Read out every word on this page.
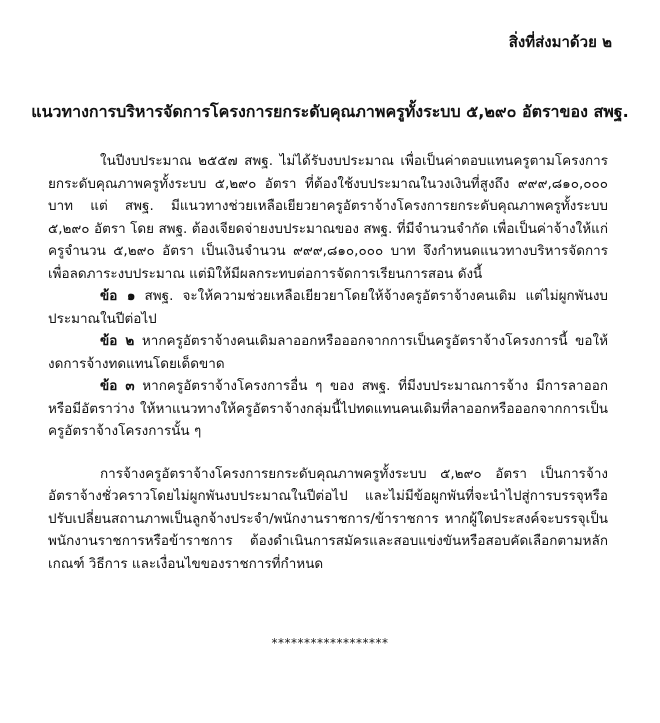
สิ่งที่ส่งมาด้วย ๒
แนวทางการบริหารจัดการโครงการยกระดับคุณภาพครูทั้งระบบ ๕,๒๙๐ อัตราของ สพฐ.

ในปีงบประมาณ ๒๕๕๗ สพฐ. ไม่ได้รับงบประมาณ เพื่อเป็นค่าตอบแทนครูตามโครงการยกระดับคุณภาพครูทั้งระบบ ๕,๒๙๐ อัตรา ที่ต้องใช้งบประมาณในวงเงินที่สูงถึง ๙๙๙,๘๑๐,๐๐๐ บาท แต่ สพฐ. มีแนวทางช่วยเหลือเยียวยาครูอัตราจ้างโครงการยกระดับคุณภาพครูทั้งระบบ ๕,๒๙๐ อัตรา โดย สพฐ. ต้องเจียดจ่ายงบประมาณของ สพฐ. ที่มีจำนวนจำกัด เพื่อเป็นค่าจ้างให้แก่ครูจำนวน ๕,๒๙๐ อัตรา เป็นเงินจำนวน ๙๙๙,๘๑๐,๐๐๐ บาท จึงกำหนดแนวทางบริหารจัดการ เพื่อลดภาระงบประมาณ แต่มิให้มีผลกระทบต่อการจัดการเรียนการสอน ดังนี้

ข้อ ๑ สพฐ. จะให้ความช่วยเหลือเยียวยาโดยให้จ้างครูอัตราจ้างคนเดิม แต่ไม่ผูกพันงบประมาณในปีต่อไป

ข้อ ๒ หากครูอัตราจ้างคนเดิมลาออกหรือออกจากการเป็นครูอัตราจ้างโครงการนี้ ขอให้งดการจ้างทดแทนโดยเด็ดขาด

ข้อ ๓ หากครูอัตราจ้างโครงการอื่น ๆ ของ สพฐ. ที่มีงบประมาณการจ้าง มีการลาออกหรือมีอัตราว่าง ให้หาแนวทางให้ครูอัตราจ้างกลุ่มนี้ไปทดแทนคนเดิมที่ลาออกหรือออกจากการเป็นครูอัตราจ้างโครงการนั้น ๆ

การจ้างครูอัตราจ้างโครงการยกระดับคุณภาพครูทั้งระบบ ๕,๒๙๐ อัตรา เป็นการจ้างอัตราจ้างชั่วคราวโดยไม่ผูกพันงบประมาณในปีต่อไป และไม่มีข้อผูกพันที่จะนำไปสู่การบรรจุหรือปรับเปลี่ยนสถานภาพเป็นลูกจ้างประจำ/พนักงานราชการ/ข้าราชการ หากผู้ใดประสงค์จะบรรจุเป็นพนักงานราชการหรือข้าราชการ ต้องดำเนินการสมัครและสอบแข่งขันหรือสอบคัดเลือกตามหลักเกณฑ์ วิธีการ และเงื่อนไขของราชการที่กำหนด

******************
